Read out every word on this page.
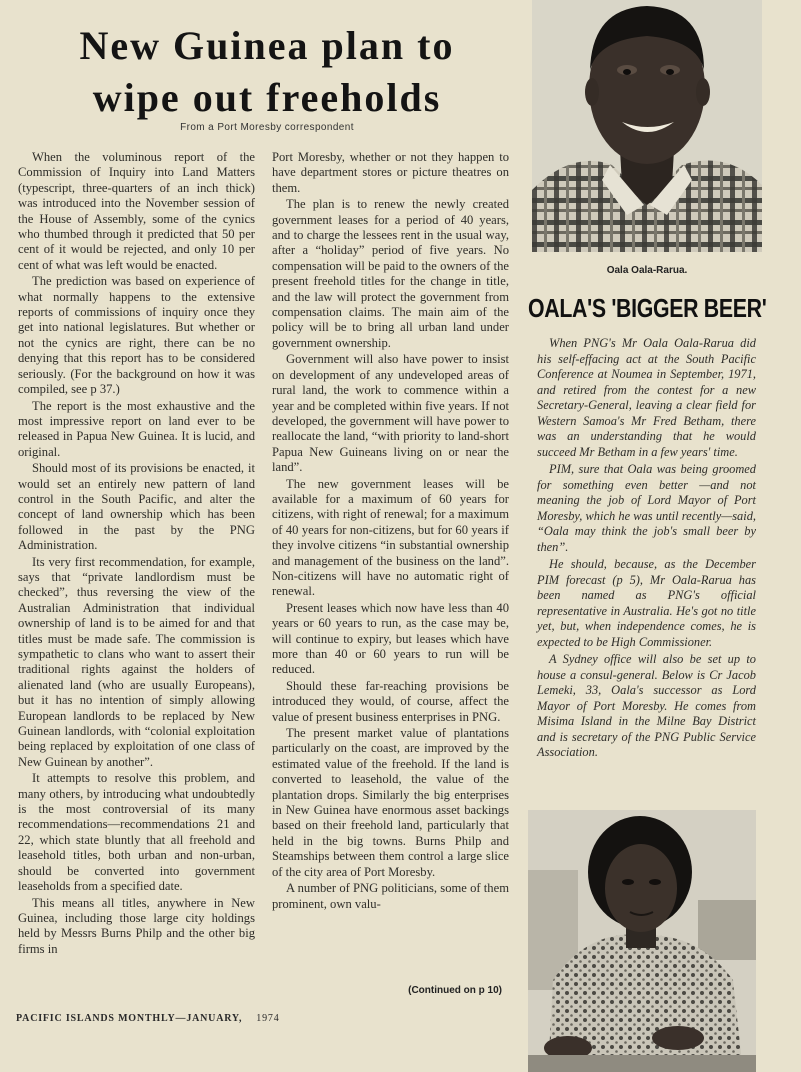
New Guinea plan to
wipe out freeholds
From a Port Moresby correspondent

When the voluminous report of the Commission of Inquiry into Land Matters (typescript, three-quarters of an inch thick) was introduced into the November session of the House of Assembly, some of the cynics who thumbed through it predicted that 50 per cent of it would be rejected, and only 10 per cent of what was left would be enacted.

The prediction was based on experience of what normally happens to the extensive reports of commissions of inquiry once they get into national legislatures. But whether or not the cynics are right, there can be no denying that this report has to be considered seriously. (For the background on how it was compiled, see p 37.)

The report is the most exhaustive and the most impressive report on land ever to be released in Papua New Guinea. It is lucid, and original.

Should most of its provisions be enacted, it would set an entirely new pattern of land control in the South Pacific, and alter the concept of land ownership which has been followed in the past by the PNG Administration.

Its very first recommendation, for example, says that “private landlordism must be checked”, thus reversing the view of the Australian Administration that individual ownership of land is to be aimed for and that titles must be made safe. The commission is sympathetic to clans who want to assert their traditional rights against the holders of alienated land (who are usually Europeans), but it has no intention of simply allowing European landlords to be replaced by New Guinean landlords, with “colonial exploitation being replaced by exploitation of one class of New Guinean by another”.

It attempts to resolve this problem, and many others, by introducing what undoubtedly is the most controversial of its many recommendations—recommendations 21 and 22, which state bluntly that all freehold and leasehold titles, both urban and non-urban, should be converted into government leaseholds from a specified date.

This means all titles, anywhere in New Guinea, including those large city holdings held by Messrs Burns Philp and the other big firms in

Port Moresby, whether or not they happen to have department stores or picture theatres on them.

The plan is to renew the newly created government leases for a period of 40 years, and to charge the lessees rent in the usual way, after a “holiday” period of five years. No compensation will be paid to the owners of the present freehold titles for the change in title, and the law will protect the government from compensation claims. The main aim of the policy will be to bring all urban land under government ownership.

Government will also have power to insist on development of any undeveloped areas of rural land, the work to commence within a year and be completed within five years. If not developed, the government will have power to reallocate the land, “with priority to land-short Papua New Guineans living on or near the land”.

The new government leases will be available for a maximum of 60 years for citizens, with right of renewal; for a maximum of 40 years for non-citizens, but for 60 years if they involve citizens “in substantial ownership and management of the business on the land”. Non-citizens will have no automatic right of renewal.

Present leases which now have less than 40 years or 60 years to run, as the case may be, will continue to expiry, but leases which have more than 40 or 60 years to run will be reduced.

Should these far-reaching provisions be introduced they would, of course, affect the value of present business enterprises in PNG.

The present market value of plantations particularly on the coast, are improved by the estimated value of the freehold. If the land is converted to leasehold, the value of the plantation drops. Similarly the big enterprises in New Guinea have enormous asset backings based on their freehold land, particularly that held in the big towns. Burns Philp and Steamships between them control a large slice of the city area of Port Moresby.

A number of PNG politicians, some of them prominent, own valu-

(Continued on p 10)
PACIFIC ISLANDS MONTHLY—JANUARY, 1974
Oala Oala-Rarua.
OALA'S 'BIGGER BEER'

When PNG's Mr Oala Oala-Rarua did his self-effacing act at the South Pacific Conference at Noumea in September, 1971, and retired from the contest for a new Secretary-General, leaving a clear field for Western Samoa's Mr Fred Betham, there was an understanding that he would succeed Mr Betham in a few years' time.

PIM, sure that Oala was being groomed for something even better —and not meaning the job of Lord Mayor of Port Moresby, which he was until recently—said, “Oala may think the job's small beer by then”.

He should, because, as the December PIM forecast (p 5), Mr Oala-Rarua has been named as PNG's official representative in Australia. He's got no title yet, but, when independence comes, he is expected to be High Commissioner.

A Sydney office will also be set up to house a consul-general. Below is Cr Jacob Lemeki, 33, Oala's successor as Lord Mayor of Port Moresby. He comes from Misima Island in the Milne Bay District and is secretary of the PNG Public Service Association.
